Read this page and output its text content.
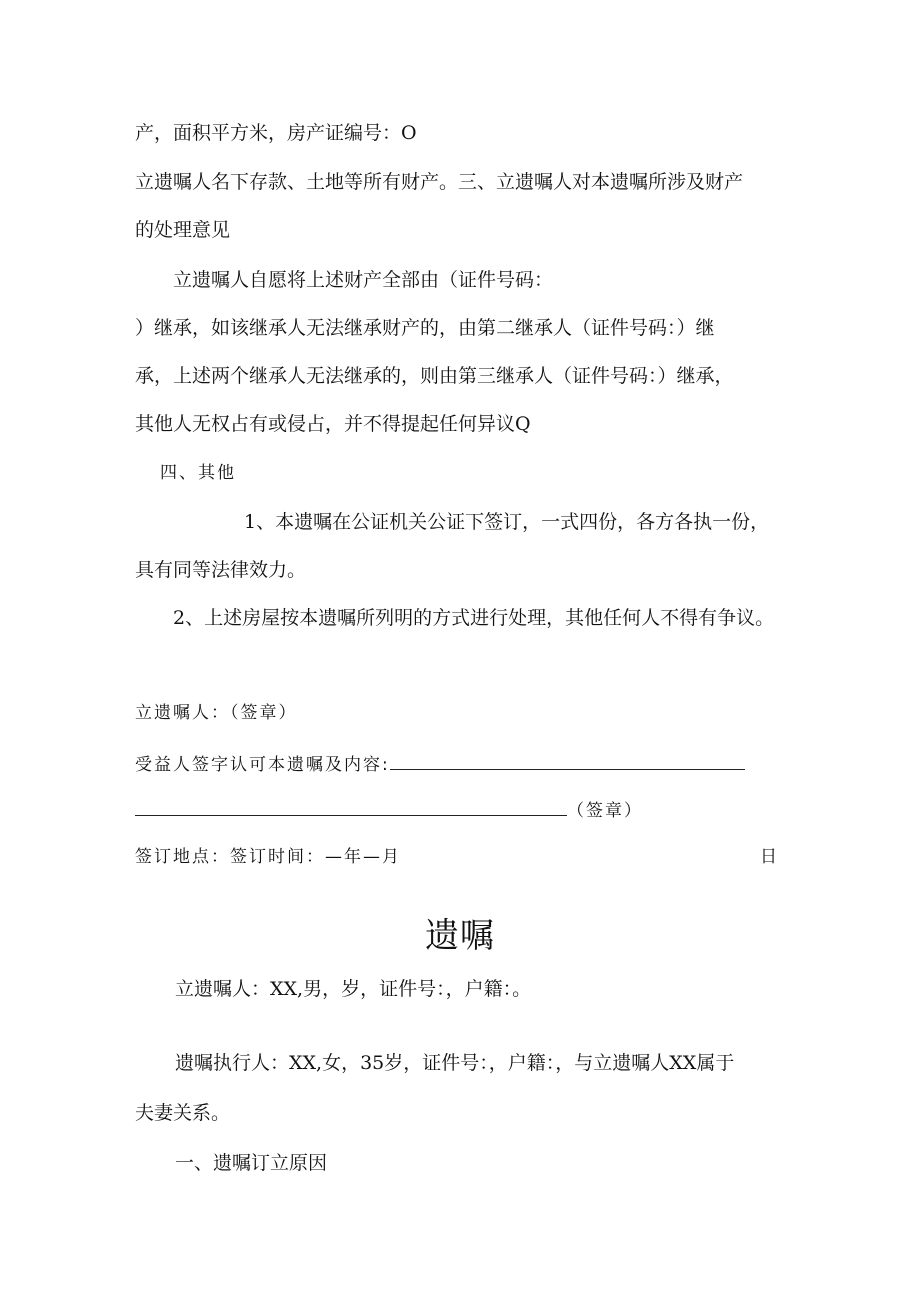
产，面积平方米，房产证编号：O
立遗嘱人名下存款、土地等所有财产。三、立遗嘱人对本遗嘱所涉及财产
的处理意见
立遗嘱人自愿将上述财产全部由（证件号码：
）继承，如该继承人无法继承财产的，由第二继承人（证件号码：）继
承，上述两个继承人无法继承的，则由第三继承人（证件号码：）继承，
其他人无权占有或侵占，并不得提起任何异议Q
四、其他
1、本遗嘱在公证机关公证下签订，一式四份，各方各执一份，
具有同等法律效力。
2、上述房屋按本遗嘱所列明的方式进行处理，其他任何人不得有争议。
立遗嘱人：（签章）
受益人签字认可本遗嘱及内容:
（签章）
签订地点：签订时间：—年—月	日
遗嘱
立遗嘱人：XX,男，岁，证件号：，户籍：。
遗嘱执行人：XX,女，35岁，证件号：，户籍：，与立遗嘱人XX属于
夫妻关系。
一、遗嘱订立原因
